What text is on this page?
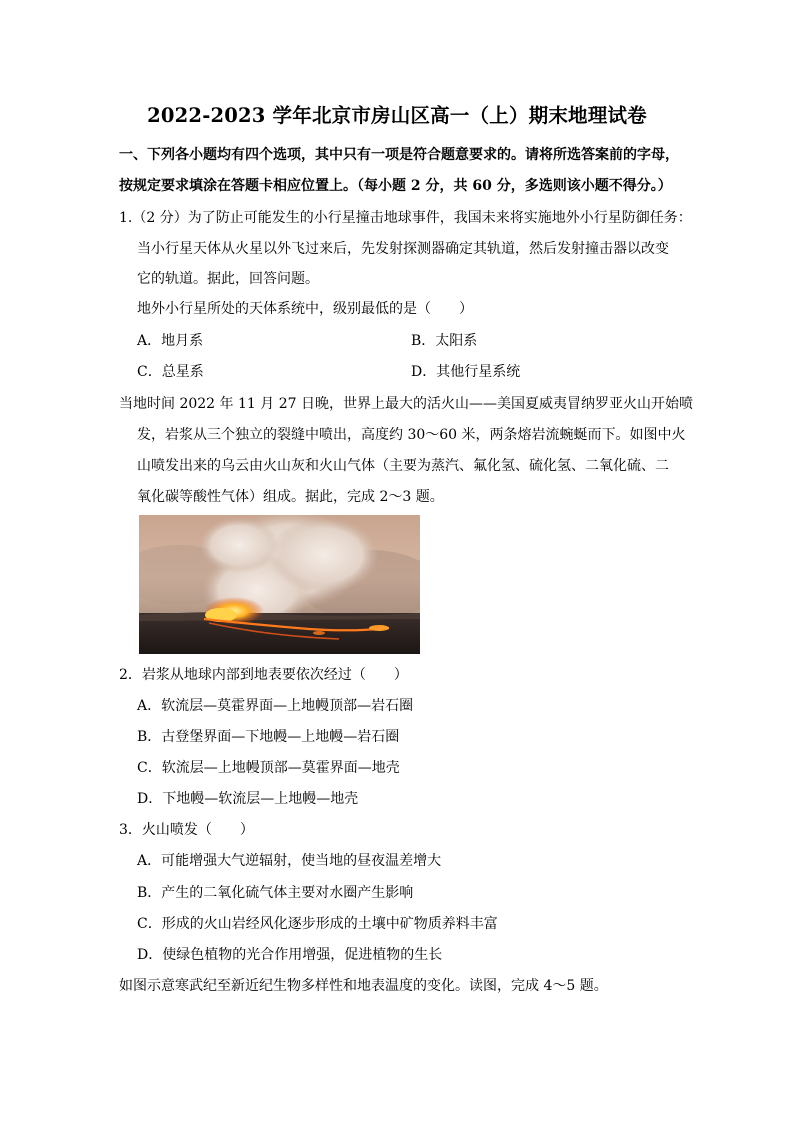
2022-2023 学年北京市房山区高一（上）期末地理试卷
一、下列各小题均有四个选项，其中只有一项是符合题意要求的。请将所选答案前的字母，
按规定要求填涂在答题卡相应位置上。（每小题 2 分，共 60 分，多选则该小题不得分。）
1.（2 分）为了防止可能发生的小行星撞击地球事件，我国未来将实施地外小行星防御任务：
当小行星天体从火星以外飞过来后，先发射探测器确定其轨道，然后发射撞击器以改变
它的轨道。据此，回答问题。
地外小行星所处的天体系统中，级别最低的是（　　）
A．地月系	B．太阳系
C．总星系	D．其他行星系统
当地时间 2022 年 11 月 27 日晚，世界上最大的活火山——美国夏威夷冒纳罗亚火山开始喷
发，岩浆从三个独立的裂缝中喷出，高度约 30～60 米，两条熔岩流蜿蜒而下。如图中火
山喷发出来的乌云由火山灰和火山气体（主要为蒸汽、氟化氢、硫化氢、二氧化硫、二
氧化碳等酸性气体）组成。据此，完成 2～3 题。
2．岩浆从地球内部到地表要依次经过（　　）
A．软流层—莫霍界面—上地幔顶部—岩石圈
B．古登堡界面—下地幔—上地幔—岩石圈
C．软流层—上地幔顶部—莫霍界面—地壳
D．下地幔—软流层—上地幔—地壳
3．火山喷发（　　）
A．可能增强大气逆辐射，使当地的昼夜温差增大
B．产生的二氧化硫气体主要对水圈产生影响
C．形成的火山岩经风化逐步形成的土壤中矿物质养料丰富
D．使绿色植物的光合作用增强，促进植物的生长
如图示意寒武纪至新近纪生物多样性和地表温度的变化。读图，完成 4～5 题。
